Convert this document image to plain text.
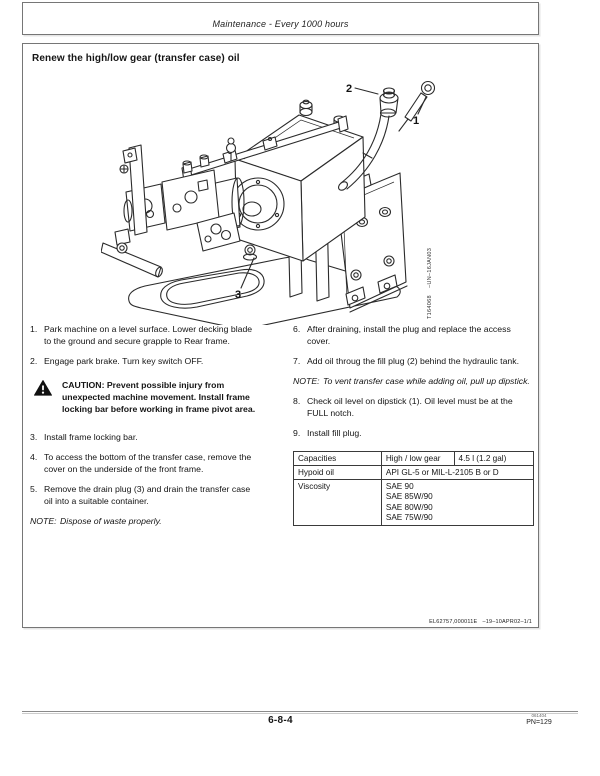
Maintenance - Every 1000 hours
Renew the high/low gear (transfer case) oil
2
1
3	T164068    –UN–16JAN03
1. Park machine on a level surface. Lower decking blade to the ground and secure grapple to Rear frame.
2. Engage park brake. Turn key switch OFF.
CAUTION: Prevent possible injury from unexpected machine movement. Install frame locking bar before working in frame pivot area.
3. Install frame locking bar.
4. To access the bottom of the transfer case, remove the cover on the underside of the front frame.
5. Remove the drain plug (3) and drain the transfer case oil into a suitable container.
NOTE: Dispose of waste properly.
6. After draining, install the plug and replace the access cover.
7. Add oil throug the fill plug (2) behind the hydraulic tank.
NOTE: To vent transfer case while adding oil, pull up dipstick.
8. Check oil level on dipstick (1). Oil level must be at the FULL notch.
9. Install fill plug.
Capacities	High / low gear	4.5 l (1.2 gal)
Hypoid oil	API GL-5 or MIL-L-2105 B or D	
Viscosity	SAE 90
SAE 85W/90
SAE 80W/90
SAE 75W/90	
EL62757,000011E   –19–10APR02–1/1
6-8-4	061404
PN=129
